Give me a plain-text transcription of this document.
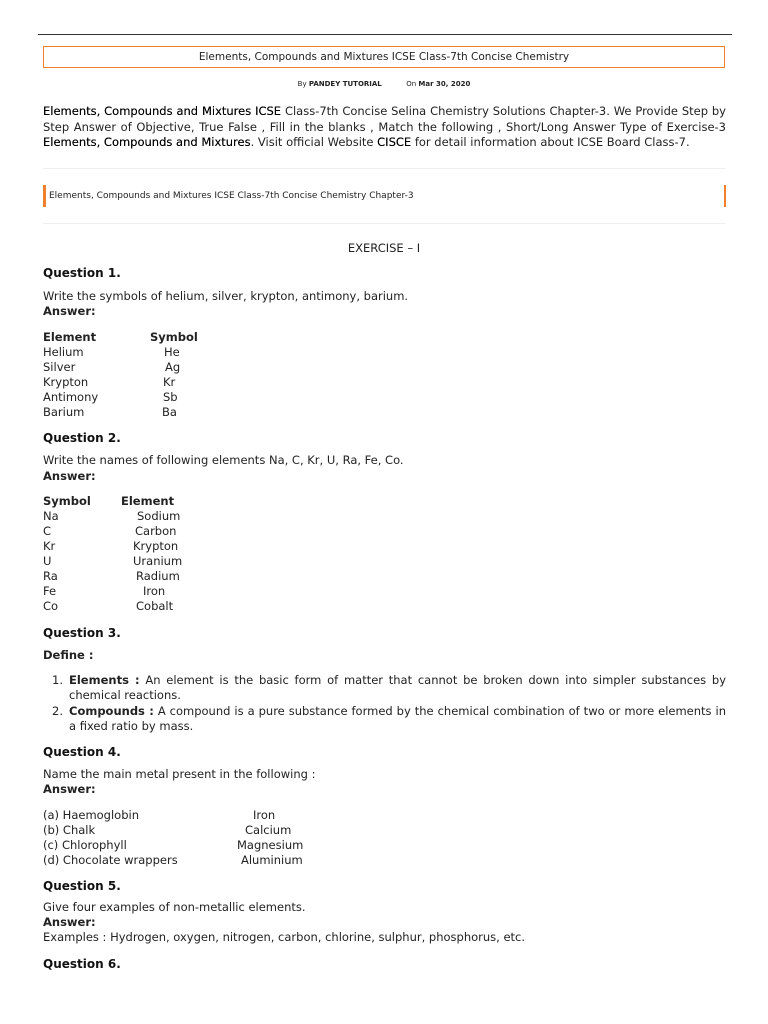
Elements, Compounds and Mixtures ICSE Class-7th Concise Chemistry
By PANDEY TUTORIAL	On Mar 30, 2020
Elements, Compounds and Mixtures ICSE Class-7th Concise Selina Chemistry Solutions Chapter-3. We Provide Step by Step Answer of Objective, True False , Fill in the blanks , Match the following , Short/Long Answer Type of Exercise-3 Elements, Compounds and Mixtures. Visit official Website CISCE for detail information about ICSE Board Class-7.
Elements, Compounds and Mixtures ICSE Class-7th Concise Chemistry Chapter-3
EXERCISE – I
Question 1.
Write the symbols of helium, silver, krypton, antimony, barium.
Answer:
Element	Symbol
Helium	He
Silver	Ag
Krypton	Kr
Antimony	Sb
Barium	Ba
Question 2.
Write the names of following elements Na, C, Kr, U, Ra, Fe, Co.
Answer:
Symbol	Element
Na	Sodium
C	Carbon
Kr	Krypton
U	Uranium
Ra	Radium
Fe	Iron
Co	Cobalt
Question 3.
Define :
1. Elements : An element is the basic form of matter that cannot be broken down into simpler substances by chemical reactions.
2. Compounds : A compound is a pure substance formed by the chemical combination of two or more elements in a fixed ratio by mass.
Question 4.
Name the main metal present in the following :
Answer:
(a) Haemoglobin	Iron
(b) Chalk	Calcium
(c) Chlorophyll	Magnesium
(d) Chocolate wrappers	Aluminium
Question 5.
Give four examples of non-metallic elements.
Answer:
Examples : Hydrogen, oxygen, nitrogen, carbon, chlorine, sulphur, phosphorus, etc.
Question 6.
